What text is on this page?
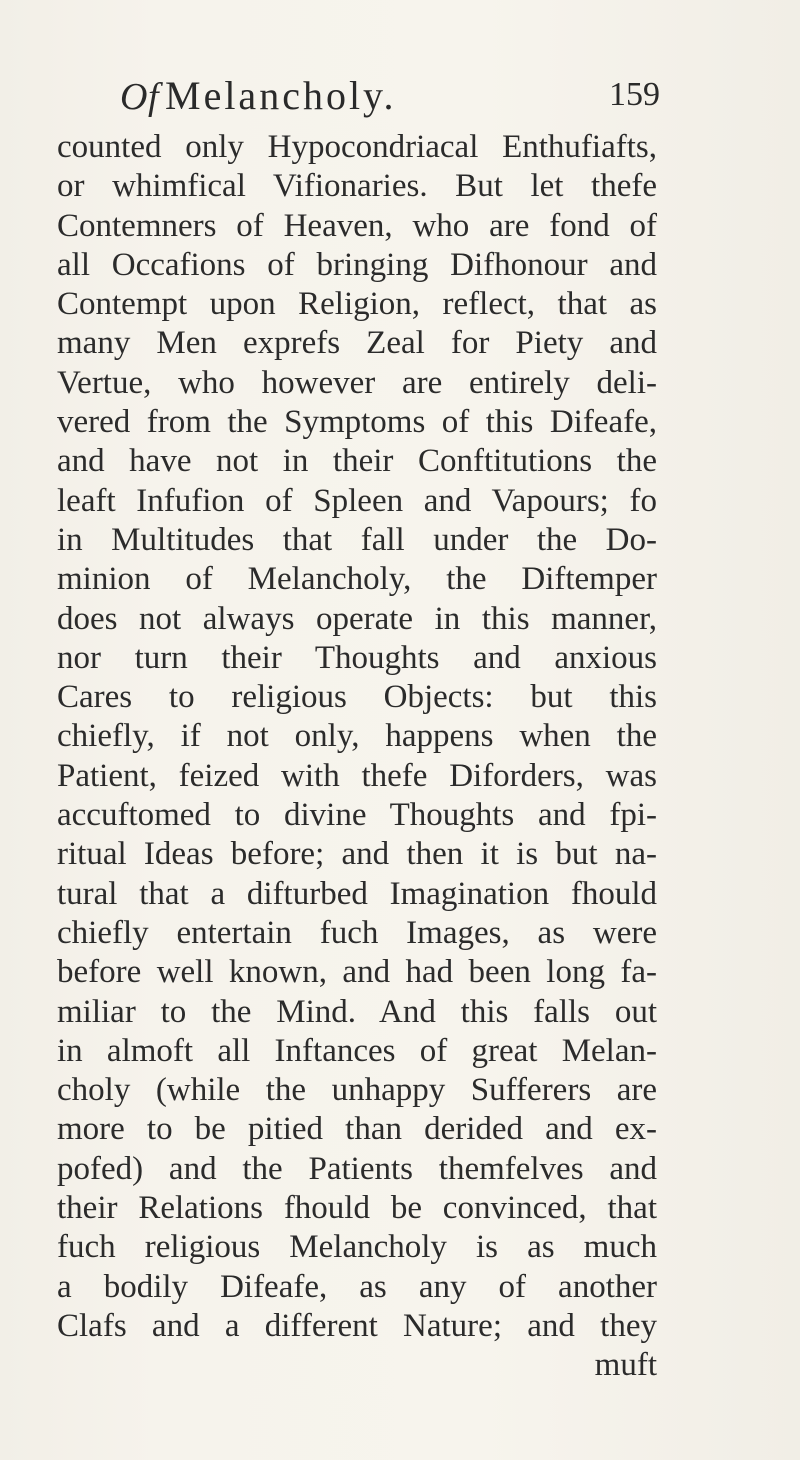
Of Melancholy.	159
counted only Hypocondriacal Enthufiafts,
or whimfical Vifionaries. But let thefe
Contemners of Heaven, who are fond of
all Occafions of bringing Difhonour and
Contempt upon Religion, reflect, that as
many Men exprefs Zeal for Piety and
Vertue, who however are entirely deli-
vered from the Symptoms of this Difeafe,
and have not in their Conftitutions the
leaft Infufion of Spleen and Vapours; fo
in Multitudes that fall under the Do-
minion of Melancholy, the Diftemper
does not always operate in this manner,
nor turn their Thoughts and anxious
Cares to religious Objects: but this
chiefly, if not only, happens when the
Patient, feized with thefe Diforders, was
accuftomed to divine Thoughts and fpi-
ritual Ideas before; and then it is but na-
tural that a difturbed Imagination fhould
chiefly entertain fuch Images, as were
before well known, and had been long fa-
miliar to the Mind. And this falls out
in almoft all Inftances of great Melan-
choly (while the unhappy Sufferers are
more to be pitied than derided and ex-
pofed) and the Patients themfelves and
their Relations fhould be convinced, that
fuch religious Melancholy is as much
a bodily Difeafe, as any of another
Clafs and a different Nature; and they
muft
